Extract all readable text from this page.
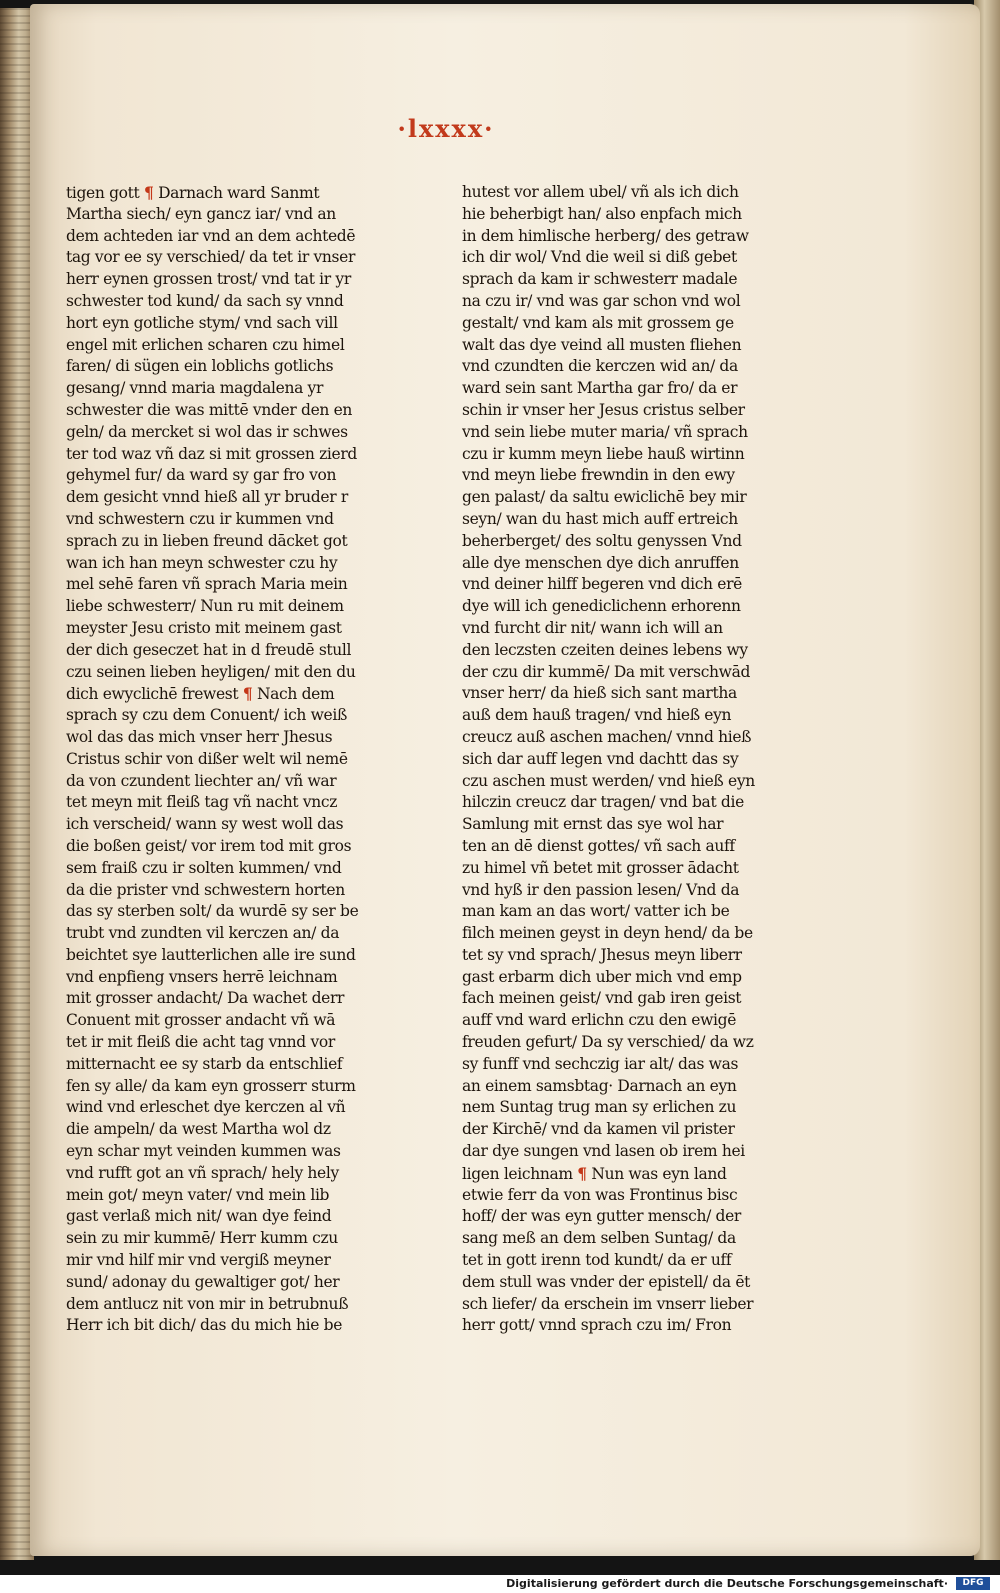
·lxxxx·
tigen gott ¶ Darnach ward Sanmt
Martha siech/ eyn gancz iar/ vnd an
dem achteden iar vnd an dem achtedē
tag vor ee sy verschied/ da tet ir vnser
herr eynen grossen trost/ vnd tat ir yr
schwester tod kund/ da sach sy vnnd
hort eyn gotliche stym/ vnd sach vill
engel mit erlichen scharen czu himel
faren/ di sügen ein loblichs gotlichs
gesang/ vnnd maria magdalena yr
schwester die was mittē vnder den en
geln/ da mercket si wol das ir schwes
ter tod waz vñ daz si mit grossen zierd
gehymel fur/ da ward sy gar fro von
dem gesicht vnnd hieß all yr bruder r
vnd schwestern czu ir kummen vnd
sprach zu in lieben freund dācket got
wan ich han meyn schwester czu hy
mel sehē faren vñ sprach Maria mein
liebe schwesterr/ Nun ru mit deinem
meyster Jesu cristo mit meinem gast
der dich geseczet hat in d freudē stull
czu seinen lieben heyligen/ mit den du
dich ewyclichē frewest ¶ Nach dem
sprach sy czu dem Conuent/ ich weiß
wol das das mich vnser herr Jhesus
Cristus schir von dißer welt wil nemē
da von czundent liechter an/ vñ war
tet meyn mit fleiß tag vñ nacht vncz
ich verscheid/ wann sy west woll das
die boßen geist/ vor irem tod mit gros
sem fraiß czu ir solten kummen/ vnd
da die prister vnd schwestern horten
das sy sterben solt/ da wurdē sy ser be
trubt vnd zundten vil kerczen an/ da
beichtet sye lautterlichen alle ire sund
vnd enpfieng vnsers herrē leichnam
mit grosser andacht/ Da wachet derr
Conuent mit grosser andacht vñ wā
tet ir mit fleiß die acht tag vnnd vor
mitternacht ee sy starb da entschlief
fen sy alle/ da kam eyn grosserr sturm
wind vnd erleschet dye kerczen al vñ
die ampeln/ da west Martha wol dz
eyn schar myt veinden kummen was
vnd rufft got an vñ sprach/ hely hely
mein got/ meyn vater/ vnd mein lib
gast verlaß mich nit/ wan dye feind
sein zu mir kummē/ Herr kumm czu
mir vnd hilf mir vnd vergiß meyner
sund/ adonay du gewaltiger got/ her
dem antlucz nit von mir in betrubnuß
Herr ich bit dich/ das du mich hie be
hutest vor allem ubel/ vñ als ich dich
hie beherbigt han/ also enpfach mich
in dem himlische herberg/ des getraw
ich dir wol/ Vnd die weil si diß gebet
sprach da kam ir schwesterr madale
na czu ir/ vnd was gar schon vnd wol
gestalt/ vnd kam als mit grossem ge
walt das dye veind all musten fliehen
vnd czundten die kerczen wid an/ da
ward sein sant Martha gar fro/ da er
schin ir vnser her Jesus cristus selber
vnd sein liebe muter maria/ vñ sprach
czu ir kumm meyn liebe hauß wirtinn
vnd meyn liebe frewndin in den ewy
gen palast/ da saltu ewiclichē bey mir
seyn/ wan du hast mich auff ertreich
beherberget/ des soltu genyssen Vnd
alle dye menschen dye dich anruffen
vnd deiner hilff begeren vnd dich erē
dye will ich genediclichenn erhorenn
vnd furcht dir nit/ wann ich will an
den leczsten czeiten deines lebens wy
der czu dir kummē/ Da mit verschwād
vnser herr/ da hieß sich sant martha
auß dem hauß tragen/ vnd hieß eyn
creucz auß aschen machen/ vnnd hieß
sich dar auff legen vnd dachtt das sy
czu aschen must werden/ vnd hieß eyn
hilczin creucz dar tragen/ vnd bat die
Samlung mit ernst das sye wol har
ten an dē dienst gottes/ vñ sach auff
zu himel vñ betet mit grosser ādacht
vnd hyß ir den passion lesen/ Vnd da
man kam an das wort/ vatter ich be
filch meinen geyst in deyn hend/ da be
tet sy vnd sprach/ Jhesus meyn liberr
gast erbarm dich uber mich vnd emp
fach meinen geist/ vnd gab iren geist
auff vnd ward erlichn czu den ewigē
freuden gefurt/ Da sy verschied/ da wz
sy funff vnd sechczig iar alt/ das was
an einem samsbtag· Darnach an eyn
nem Suntag trug man sy erlichen zu
der Kirchē/ vnd da kamen vil prister
dar dye sungen vnd lasen ob irem hei
ligen leichnam ¶ Nun was eyn land
etwie ferr da von was Frontinus bisc
hoff/ der was eyn gutter mensch/ der
sang meß an dem selben Suntag/ da
tet in gott irenn tod kundt/ da er uff
dem stull was vnder der epistell/ da ēt
sch liefer/ da erschein im vnserr lieber
herr gott/ vnnd sprach czu im/ Fron
Digitalisierung gefördert durch die Deutsche Forschungsgemeinschaft·	DFG
